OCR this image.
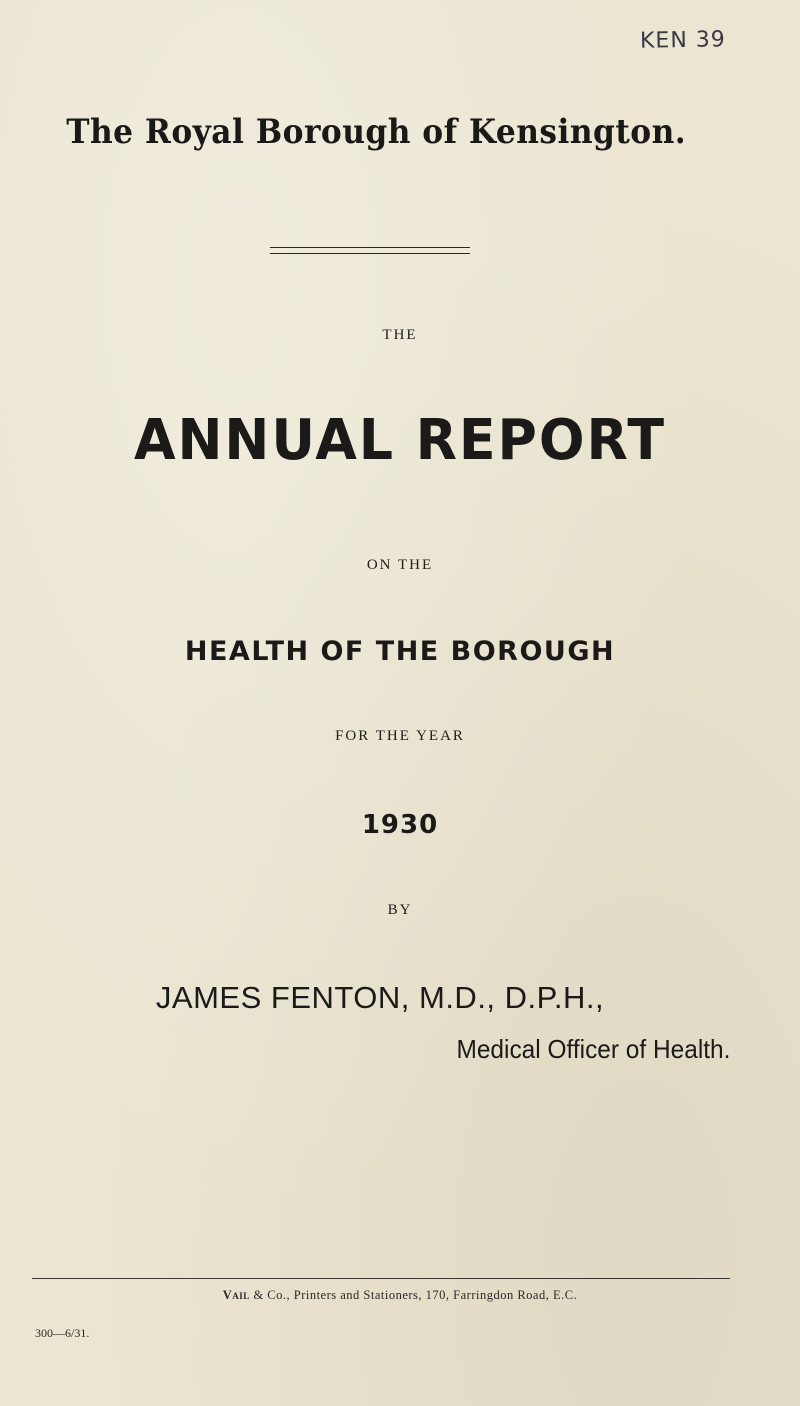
KEN 39
The Royal Borough of Kensington.
THE
ANNUAL REPORT
ON THE
HEALTH OF THE BOROUGH
FOR THE YEAR
1930
BY
JAMES FENTON, M.D., D.P.H.,
Medical Officer of Health.
Vail & Co., Printers and Stationers, 170, Farringdon Road, E.C.
300—6/31.
